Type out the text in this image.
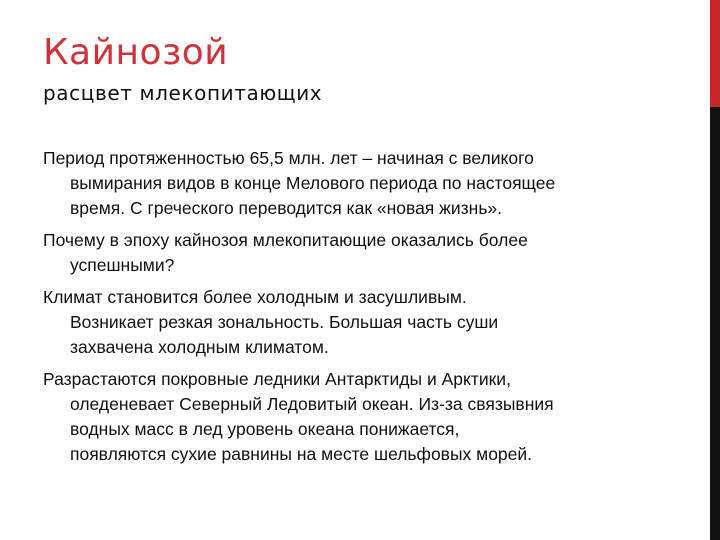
Кайнозой
расцвет млекопитающих
Период протяженностью 65,5 млн. лет – начиная с великого
вымирания видов в конце Мелового периода по настоящее
время. С греческого переводится как «новая жизнь».
Почему в эпоху кайнозоя млекопитающие оказались более
успешными?
Климат становится более холодным и засушливым.
Возникает резкая зональность. Большая часть суши
захвачена холодным климатом.
Разрастаются покровные ледники Антарктиды и Арктики,
оледеневает Северный Ледовитый океан. Из-за связывния
водных масс в лед уровень океана понижается,
появляются сухие равнины на месте шельфовых морей.
